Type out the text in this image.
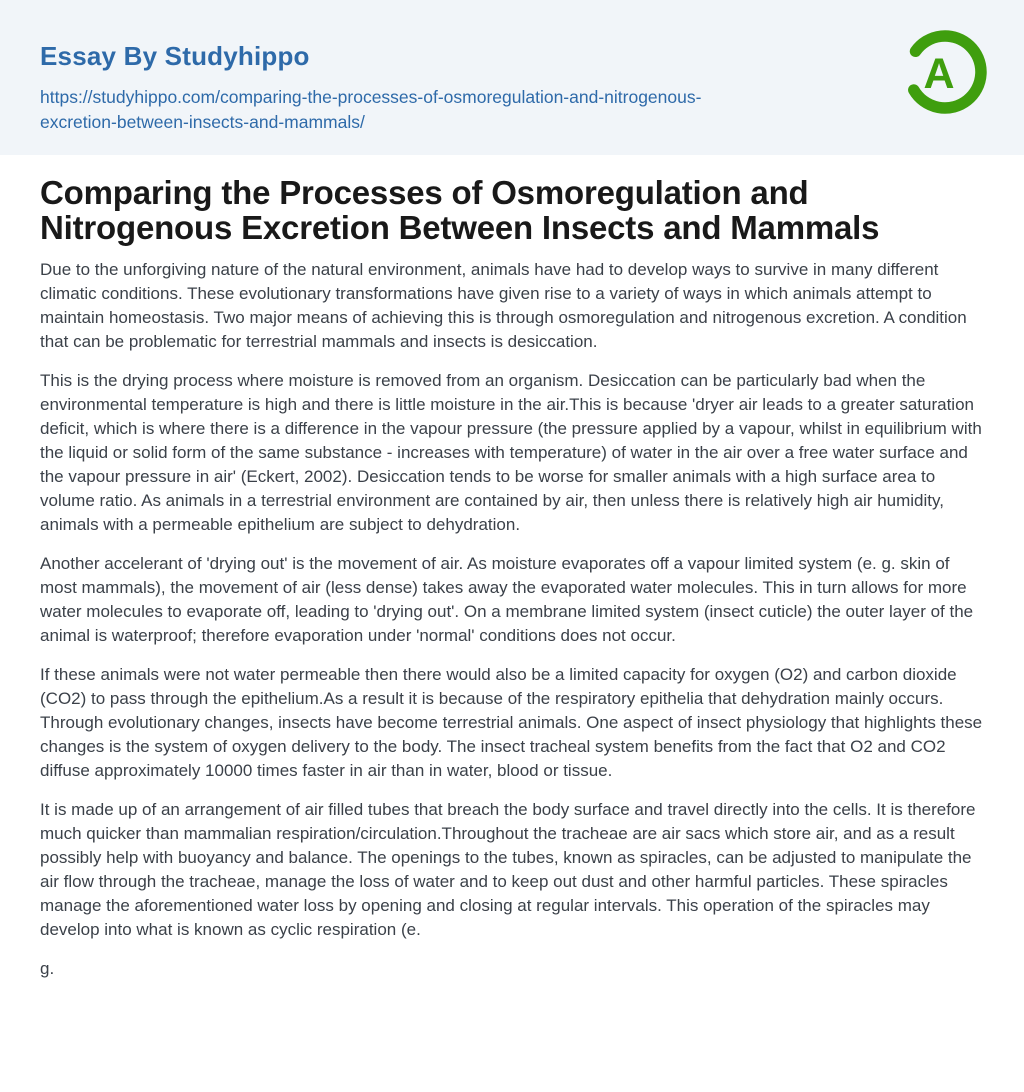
Essay By Studyhippo
https://studyhippo.com/comparing-the-processes-of-osmoregulation-and-nitrogenous-excretion-between-insects-and-mammals/
A
Comparing the Processes of Osmoregulation and Nitrogenous Excretion Between Insects and Mammals

Due to the unforgiving nature of the natural environment, animals have had to develop ways to survive in many different climatic conditions. These evolutionary transformations have given rise to a variety of ways in which animals attempt to maintain homeostasis. Two major means of achieving this is through osmoregulation and nitrogenous excretion. A condition that can be problematic for terrestrial mammals and insects is desiccation.

This is the drying process where moisture is removed from an organism. Desiccation can be particularly bad when the environmental temperature is high and there is little moisture in the air.This is because 'dryer air leads to a greater saturation deficit, which is where there is a difference in the vapour pressure (the pressure applied by a vapour, whilst in equilibrium with the liquid or solid form of the same substance - increases with temperature) of water in the air over a free water surface and the vapour pressure in air' (Eckert, 2002). Desiccation tends to be worse for smaller animals with a high surface area to volume ratio. As animals in a terrestrial environment are contained by air, then unless there is relatively high air humidity, animals with a permeable epithelium are subject to dehydration.

Another accelerant of 'drying out' is the movement of air. As moisture evaporates off a vapour limited system (e. g. skin of most mammals), the movement of air (less dense) takes away the evaporated water molecules. This in turn allows for more water molecules to evaporate off, leading to 'drying out'. On a membrane limited system (insect cuticle) the outer layer of the animal is waterproof; therefore evaporation under 'normal' conditions does not occur.

If these animals were not water permeable then there would also be a limited capacity for oxygen (O2) and carbon dioxide (CO2) to pass through the epithelium.As a result it is because of the respiratory epithelia that dehydration mainly occurs. Through evolutionary changes, insects have become terrestrial animals. One aspect of insect physiology that highlights these changes is the system of oxygen delivery to the body. The insect tracheal system benefits from the fact that O2 and CO2 diffuse approximately 10000 times faster in air than in water, blood or tissue.

It is made up of an arrangement of air filled tubes that breach the body surface and travel directly into the cells. It is therefore much quicker than mammalian respiration/circulation.Throughout the tracheae are air sacs which store air, and as a result possibly help with buoyancy and balance. The openings to the tubes, known as spiracles, can be adjusted to manipulate the air flow through the tracheae, manage the loss of water and to keep out dust and other harmful particles. These spiracles manage the aforementioned water loss by opening and closing at regular intervals. This operation of the spiracles may develop into what is known as cyclic respiration (e.

g.
